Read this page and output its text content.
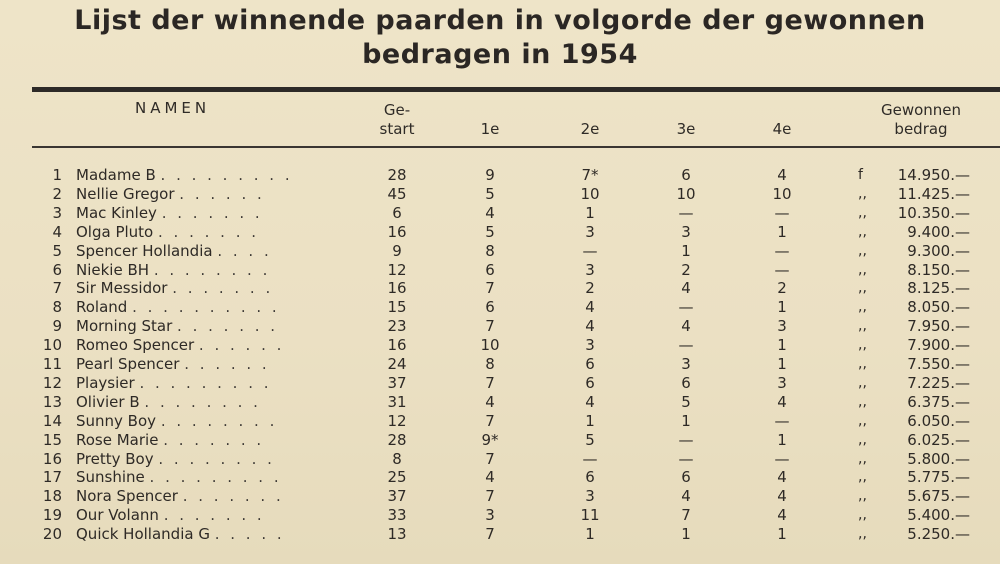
Lijst der winnende paarden in volgorde der gewonnen
bedragen in 1954
NAMEN	Ge-
start	1e	2e	3e	4e
Gewonnen
bedrag
1 Madame B . . . . . . . . .	28	9	7*	6	4	f	14.950.—
2 Nellie Gregor . . . . . .	45	5	10	10	10	,,	11.425.—
3 Mac Kinley . . . . . . .	6	4	1	—	—	,,	10.350.—
4 Olga Pluto . . . . . . .	16	5	3	3	1	,,	9.400.—
5 Spencer Hollandia . . . .	9	8	—	1	—	,,	9.300.—
6 Niekie BH . . . . . . . .	12	6	3	2	—	,,	8.150.—
7 Sir Messidor . . . . . . .	16	7	2	4	2	,,	8.125.—
8 Roland . . . . . . . . . .	15	6	4	—	1	,,	8.050.—
9 Morning Star . . . . . . .	23	7	4	4	3	,,	7.950.—
10 Romeo Spencer . . . . . .	16	10	3	—	1	,,	7.900.—
11 Pearl Spencer . . . . . .	24	8	6	3	1	,,	7.550.—
12 Playsier . . . . . . . . .	37	7	6	6	3	,,	7.225.—
13 Olivier B . . . . . . . .	31	4	4	5	4	,,	6.375.—
14 Sunny Boy . . . . . . . .	12	7	1	1	—	,,	6.050.—
15 Rose Marie . . . . . . .	28	9*	5	—	1	,,	6.025.—
16 Pretty Boy . . . . . . . .	8	7	—	—	—	,,	5.800.—
17 Sunshine . . . . . . . . .	25	4	6	6	4	,,	5.775.—
18 Nora Spencer . . . . . . .	37	7	3	4	4	,,	5.675.—
19 Our Volann . . . . . . .	33	3	11	7	4	,,	5.400.—
20 Quick Hollandia G . . . . .	13	7	1	1	1	,,	5.250.—
